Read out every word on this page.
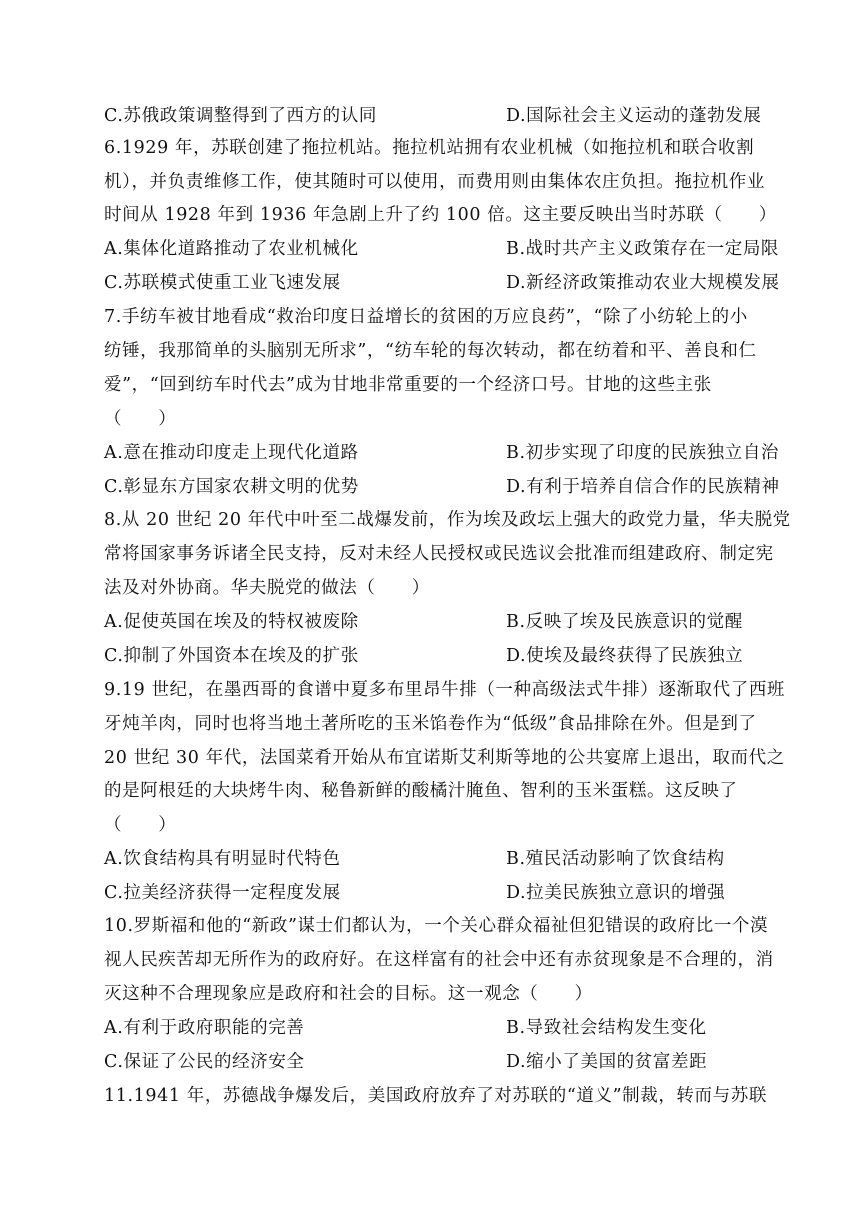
C.苏俄政策调整得到了西方的认同	D.国际社会主义运动的蓬勃发展
6.1929 年，苏联创建了拖拉机站。拖拉机站拥有农业机械（如拖拉机和联合收割
机），并负责维修工作，使其随时可以使用，而费用则由集体农庄负担。拖拉机作业
时间从 1928 年到 1936 年急剧上升了约 100 倍。这主要反映出当时苏联（　　）
A.集体化道路推动了农业机械化	B.战时共产主义政策存在一定局限
C.苏联模式使重工业飞速发展	D.新经济政策推动农业大规模发展
7.手纺车被甘地看成“救治印度日益增长的贫困的万应良药”，“除了小纺轮上的小
纺锤，我那简单的头脑别无所求”，“纺车轮的每次转动，都在纺着和平、善良和仁
爱”，“回到纺车时代去”成为甘地非常重要的一个经济口号。甘地的这些主张
（　　）
A.意在推动印度走上现代化道路	B.初步实现了印度的民族独立自治
C.彰显东方国家农耕文明的优势	D.有利于培养自信合作的民族精神
8.从 20 世纪 20 年代中叶至二战爆发前，作为埃及政坛上强大的政党力量，华夫脱党
常将国家事务诉诸全民支持，反对未经人民授权或民选议会批准而组建政府、制定宪
法及对外协商。华夫脱党的做法（　　）
A.促使英国在埃及的特权被废除	B.反映了埃及民族意识的觉醒
C.抑制了外国资本在埃及的扩张	D.使埃及最终获得了民族独立
9.19 世纪，在墨西哥的食谱中夏多布里昂牛排（一种高级法式牛排）逐渐取代了西班
牙炖羊肉，同时也将当地土著所吃的玉米馅卷作为“低级”食品排除在外。但是到了
20 世纪 30 年代，法国菜肴开始从布宜诺斯艾利斯等地的公共宴席上退出，取而代之
的是阿根廷的大块烤牛肉、秘鲁新鲜的酸橘汁腌鱼、智利的玉米蛋糕。这反映了
（　　）
A.饮食结构具有明显时代特色	B.殖民活动影响了饮食结构
C.拉美经济获得一定程度发展	D.拉美民族独立意识的增强
10.罗斯福和他的“新政”谋士们都认为，一个关心群众福祉但犯错误的政府比一个漠
视人民疾苦却无所作为的政府好。在这样富有的社会中还有赤贫现象是不合理的，消
灭这种不合理现象应是政府和社会的目标。这一观念（　　）
A.有利于政府职能的完善	B.导致社会结构发生变化
C.保证了公民的经济安全	D.缩小了美国的贫富差距
11.1941 年，苏德战争爆发后，美国政府放弃了对苏联的“道义”制裁，转而与苏联
